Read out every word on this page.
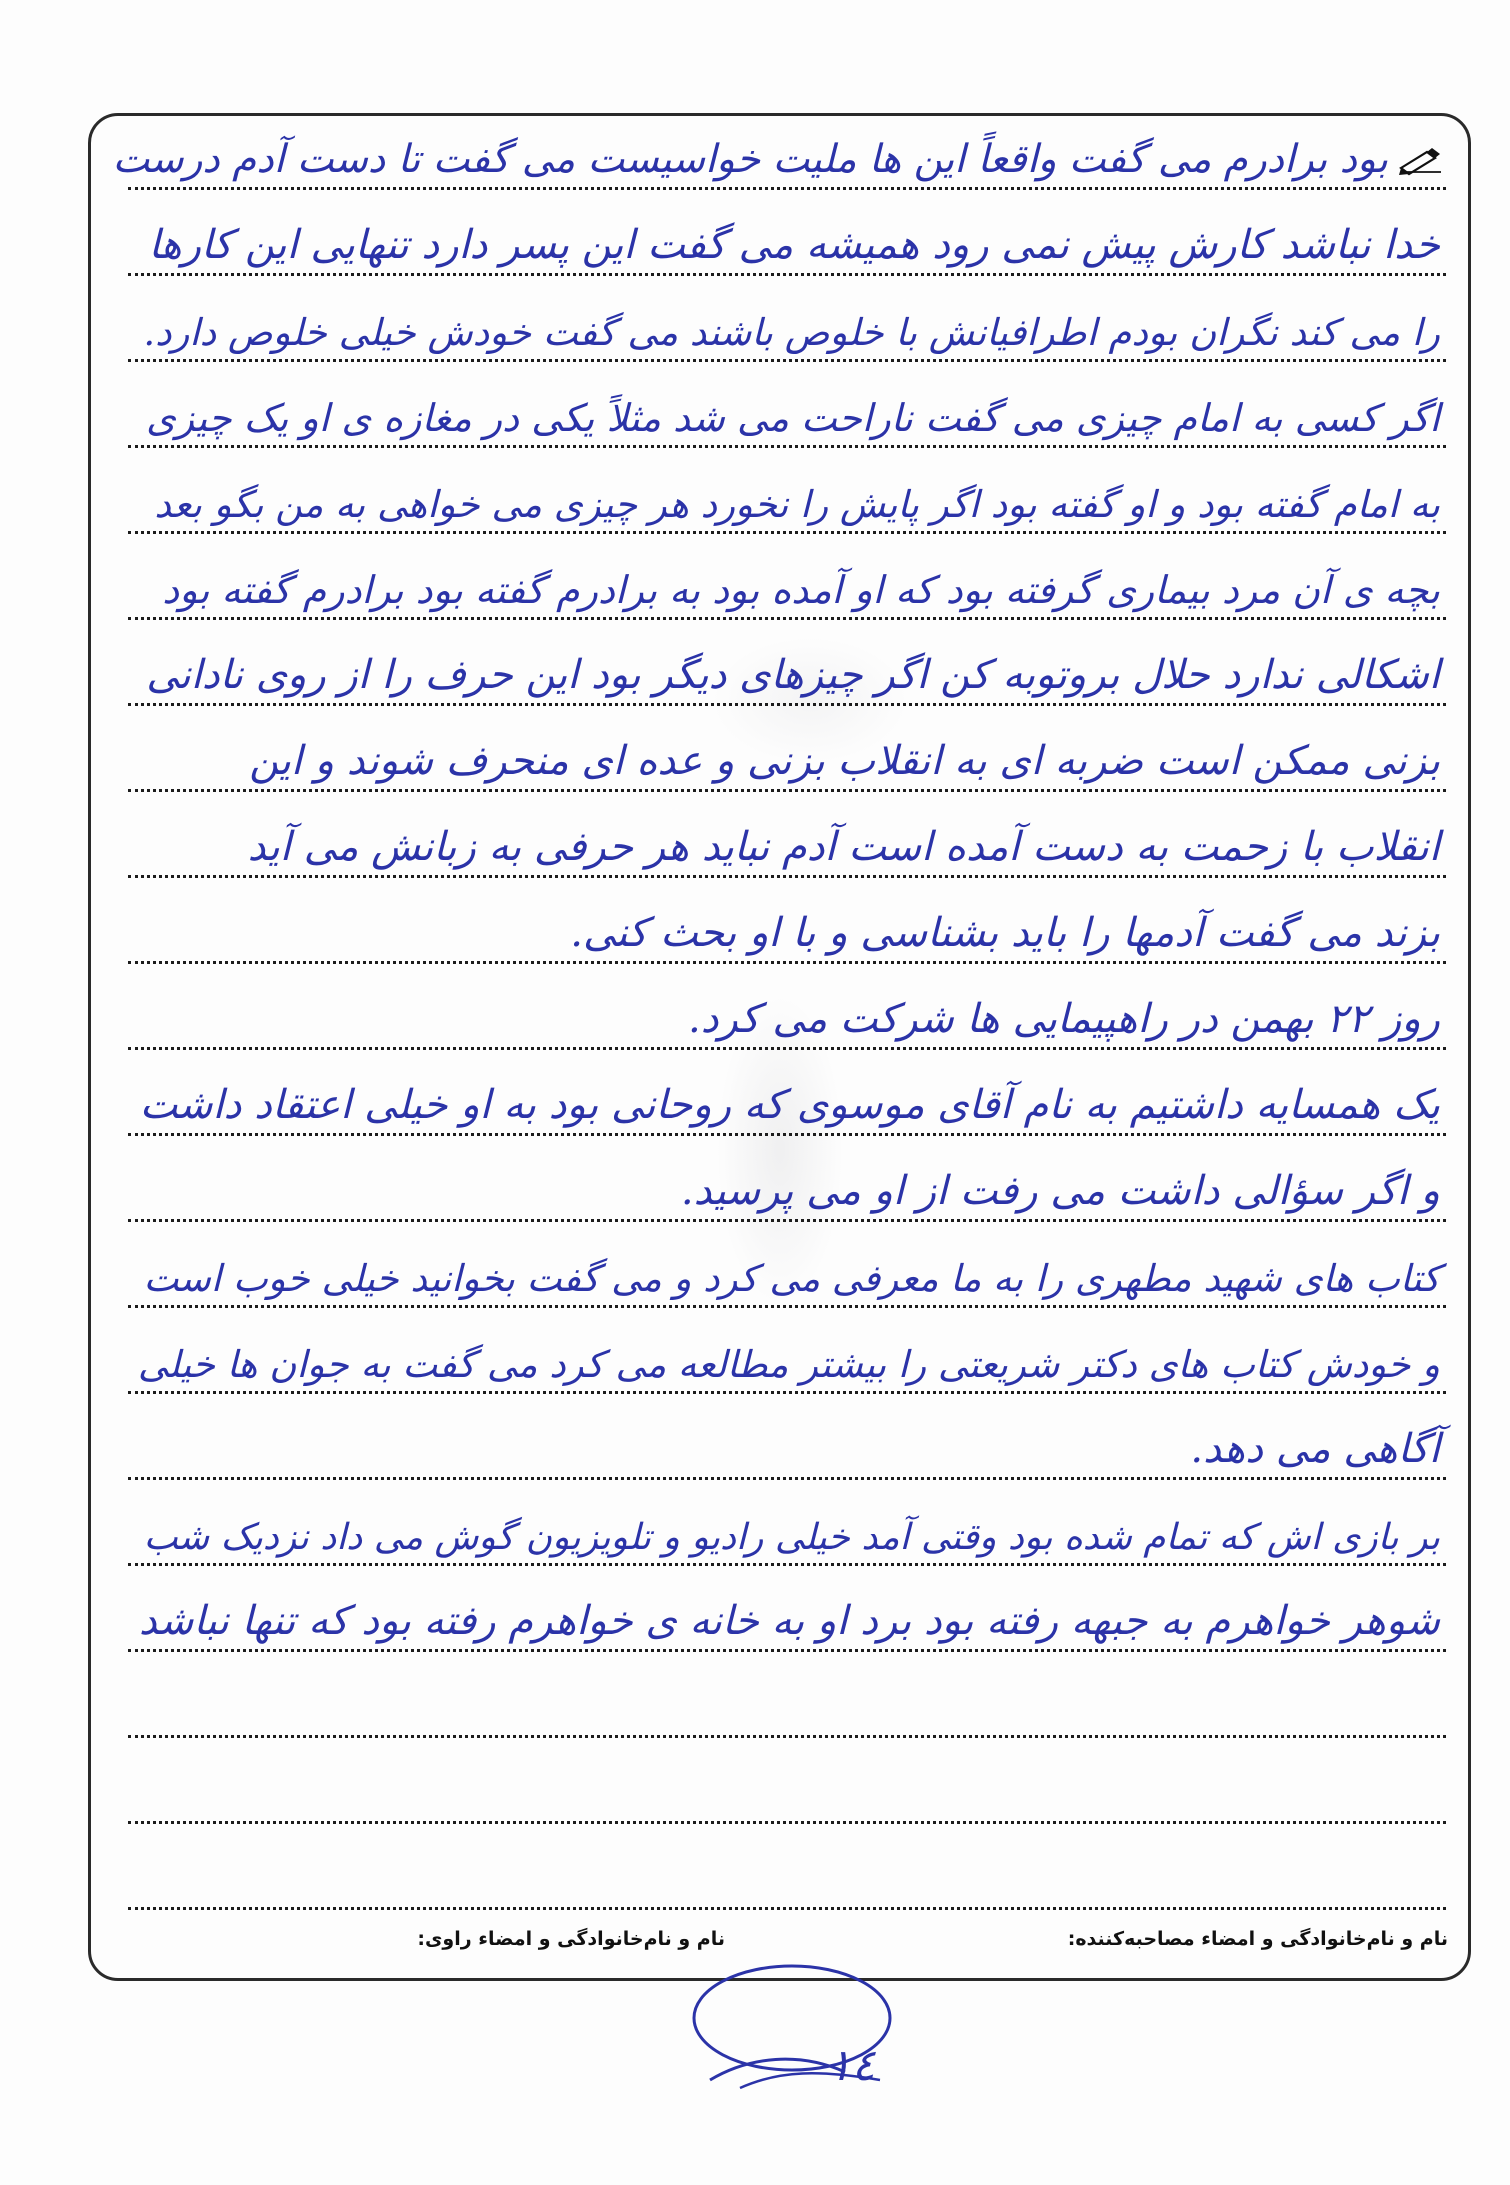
بود برادرم می گفت واقعاً این ها ملیت خواسیست می گفت تا دست آدم درست
خدا نباشد کارش پیش نمی رود همیشه می گفت این پسر دارد تنهایی این کارها
را می کند نگران بودم اطرافیانش با خلوص باشند می گفت خودش خیلی خلوص دارد.
اگر کسی به امام چیزی می گفت ناراحت می شد مثلاً یکی در مغازه ی او یک چیزی
به امام گفته بود و او گفته بود اگر پایش را نخورد هر چیزی می خواهی به من بگو بعد
بچه ی آن مرد بیماری گرفته بود که او آمده بود به برادرم گفته بود برادرم گفته بود
اشکالی ندارد حلال بروتوبه کن اگر چیزهای دیگر بود این حرف را از روی نادانی
بزنی ممکن است ضربه ای به انقلاب بزنی و عده ای منحرف شوند و این
انقلاب با زحمت به دست آمده است آدم نباید هر حرفی به زبانش می آید
بزند می گفت آدمها را باید بشناسی و با او بحث کنی.
روز ۲۲ بهمن در راهپیمایی ها شرکت می کرد.
یک همسایه داشتیم به نام آقای موسوی که روحانی بود به او خیلی اعتقاد داشت
و اگر سؤالی داشت می رفت از او می پرسید.
کتاب های شهید مطهری را به ما معرفی می کرد و می گفت بخوانید خیلی خوب است
و خودش کتاب های دکتر شریعتی را بیشتر مطالعه می کرد می گفت به جوان ها خیلی
آگاهی می دهد.
بر بازی اش که تمام شده بود وقتی آمد خیلی رادیو و تلویزیون گوش می داد نزدیک شب
شوهر خواهرم به جبهه رفته بود برد او به خانه ی خواهرم رفته بود که تنها نباشد
نام و نام‌خانوادگی و امضاء مصاحبه‌کننده:
نام و نام‌خانوادگی و امضاء راوی:
۱٤
